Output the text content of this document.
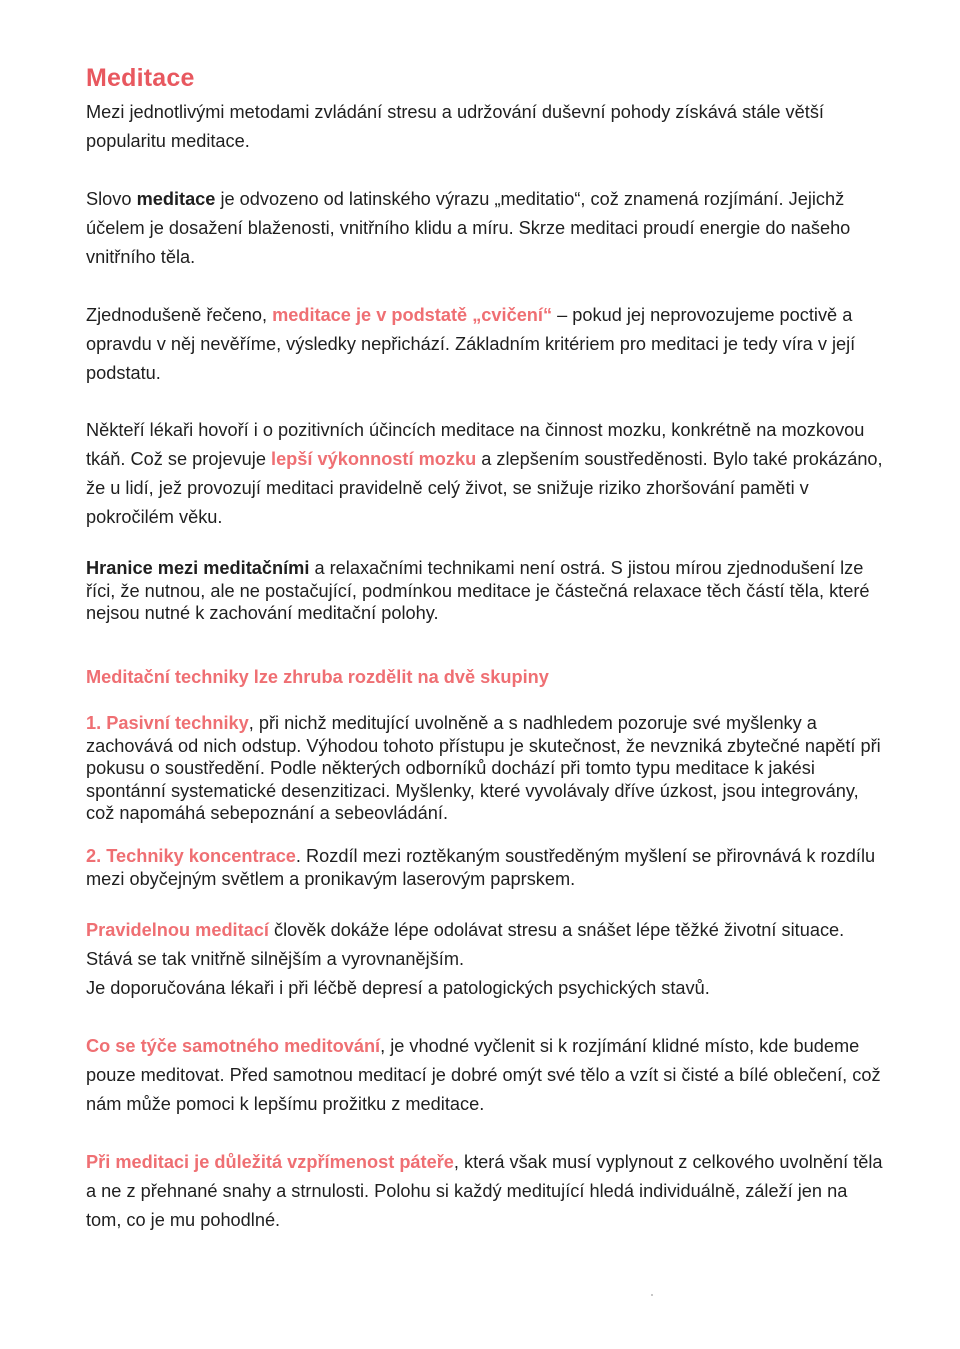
Meditace

Mezi jednotlivými metodami zvládání stresu a udržování duševní pohody získává stále větší popularitu meditace.

Slovo meditace je odvozeno od latinského výrazu „meditatio“, což znamená rozjímání. Jejichž účelem je dosažení blaženosti, vnitřního klidu a míru. Skrze meditaci proudí energie do našeho vnitřního těla.

Zjednodušeně řečeno, meditace je v podstatě „cvičení“ – pokud jej neprovozujeme poctivě a opravdu v něj nevěříme, výsledky nepřichází. Základním kritériem pro meditaci je tedy víra v její podstatu.

Někteří lékaři hovoří i o pozitivních účincích meditace na činnost mozku, konkrétně na mozkovou tkáň. Což se projevuje lepší výkonností mozku a zlepšením soustředěnosti. Bylo také prokázáno, že u lidí, jež provozují meditaci pravidelně celý život, se snižuje riziko zhoršování paměti v pokročilém věku.

Hranice mezi meditačními a relaxačními technikami není ostrá. S jistou mírou zjednodušení lze říci, že nutnou, ale ne postačující, podmínkou meditace je částečná relaxace těch částí těla, které nejsou nutné k zachování meditační polohy.

Meditační techniky lze zhruba rozdělit na dvě skupiny

1. Pasivní techniky, při nichž meditující uvolněně a s nadhledem pozoruje své myšlenky a zachovává od nich odstup. Výhodou tohoto přístupu je skutečnost, že nevzniká zbytečné napětí při pokusu o soustředění. Podle některých odborníků dochází při tomto typu meditace k jakési spontánní systematické desenzitizaci. Myšlenky, které vyvolávaly dříve úzkost, jsou integrovány, což napomáhá sebepoznání a sebeovládání.

2. Techniky koncentrace. Rozdíl mezi roztěkaným soustředěným myšlení se přirovnává k rozdílu mezi obyčejným světlem a pronikavým laserovým paprskem.

Pravidelnou meditací člověk dokáže lépe odolávat stresu a snášet lépe těžké životní situace. Stává se tak vnitřně silnějším a vyrovnanějším.
Je doporučována lékaři i při léčbě depresí a patologických psychických stavů.

Co se týče samotného meditování, je vhodné vyčlenit si k rozjímání klidné místo, kde budeme pouze meditovat. Před samotnou meditací je dobré omýt své tělo a vzít si čisté a bílé oblečení, což nám může pomoci k lepšímu prožitku z meditace.

Při meditaci je důležitá vzpřímenost páteře, která však musí vyplynout z celkového uvolnění těla a ne z přehnané snahy a strnulosti. Polohu si každý meditující hledá individuálně, záleží jen na tom, co je mu pohodlné.
